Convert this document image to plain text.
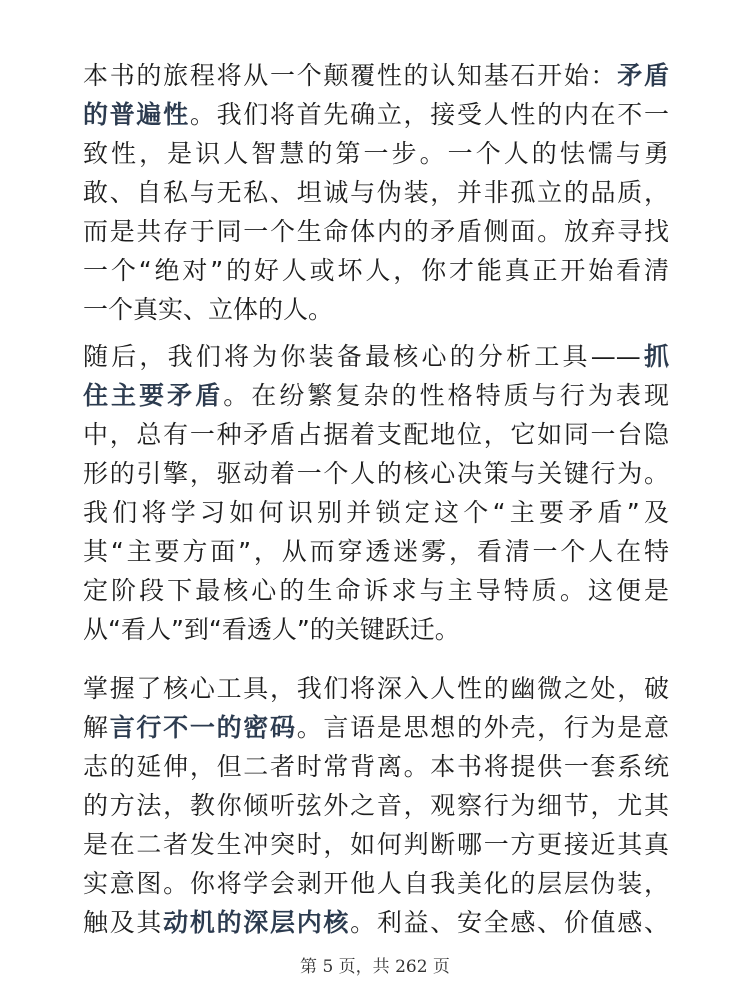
本书的旅程将从一个颠覆性的认知基石开始：矛盾
的普遍性。我们将首先确立，接受人性的内在不一
致性，是识人智慧的第一步。一个人的怯懦与勇
敢、自私与无私、坦诚与伪装，并非孤立的品质，
而是共存于同一个生命体内的矛盾侧面。放弃寻找
一个“绝对”的好人或坏人，你才能真正开始看清
一个真实、立体的人。
随后，我们将为你装备最核心的分析工具——抓
住主要矛盾。在纷繁复杂的性格特质与行为表现
中，总有一种矛盾占据着支配地位，它如同一台隐
形的引擎，驱动着一个人的核心决策与关键行为。
我们将学习如何识别并锁定这个“主要矛盾”及
其“主要方面”，从而穿透迷雾，看清一个人在特
定阶段下最核心的生命诉求与主导特质。这便是
从“看人”到“看透人”的关键跃迁。
掌握了核心工具，我们将深入人性的幽微之处，破
解言行不一的密码。言语是思想的外壳，行为是意
志的延伸，但二者时常背离。本书将提供一套系统
的方法，教你倾听弦外之音，观察行为细节，尤其
是在二者发生冲突时，如何判断哪一方更接近其真
实意图。你将学会剥开他人自我美化的层层伪装，
触及其动机的深层内核。利益、安全感、价值感、
第 5 页，共 262 页
